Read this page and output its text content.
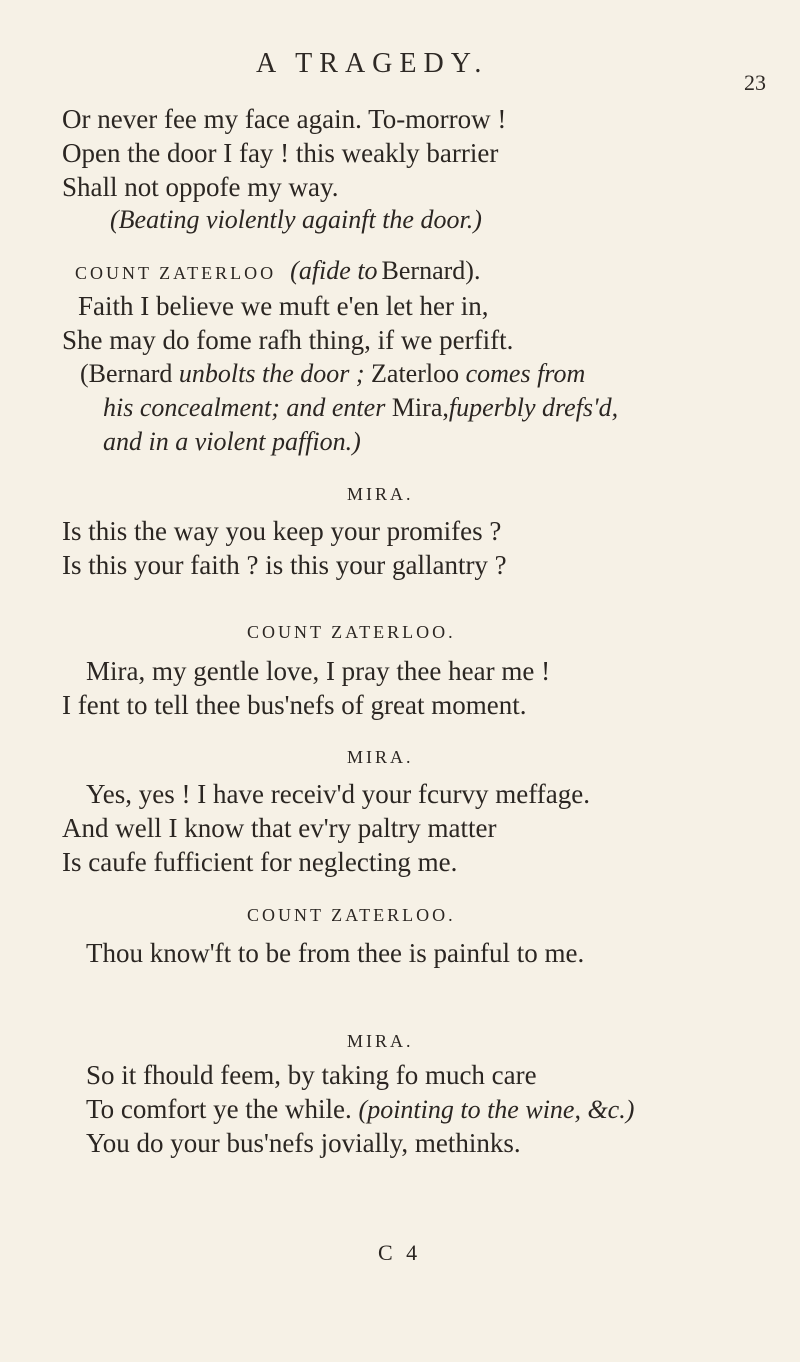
A TRAGEDY.
23
Or never fee my face again. To-morrow !
Open the door I fay ! this weakly barrier
Shall not oppofe my way.
(Beating violently againft the door.)
COUNT ZATERLOO (afide to Bernard).
Faith I believe we muft e'en let her in,
She may do fome rafh thing, if we perfift.
(Bernard unbolts the door ; Zaterloo comes from
his concealment; and enter Mira,fuperbly drefs'd,
and in a violent paffion.)
MIRA.
Is this the way you keep your promifes ?
Is this your faith ? is this your gallantry ?
COUNT ZATERLOO.
Mira, my gentle love, I pray thee hear me !
I fent to tell thee bus'nefs of great moment.
MIRA.
Yes, yes ! I have receiv'd your fcurvy meffage.
And well I know that ev'ry paltry matter
Is caufe fufficient for neglecting me.
COUNT ZATERLOO.
Thou know'ft to be from thee is painful to me.
MIRA.
So it fhould feem, by taking fo much care
To comfort ye the while. (pointing to the wine, &c.)
You do your bus'nefs jovially, methinks.
C 4
